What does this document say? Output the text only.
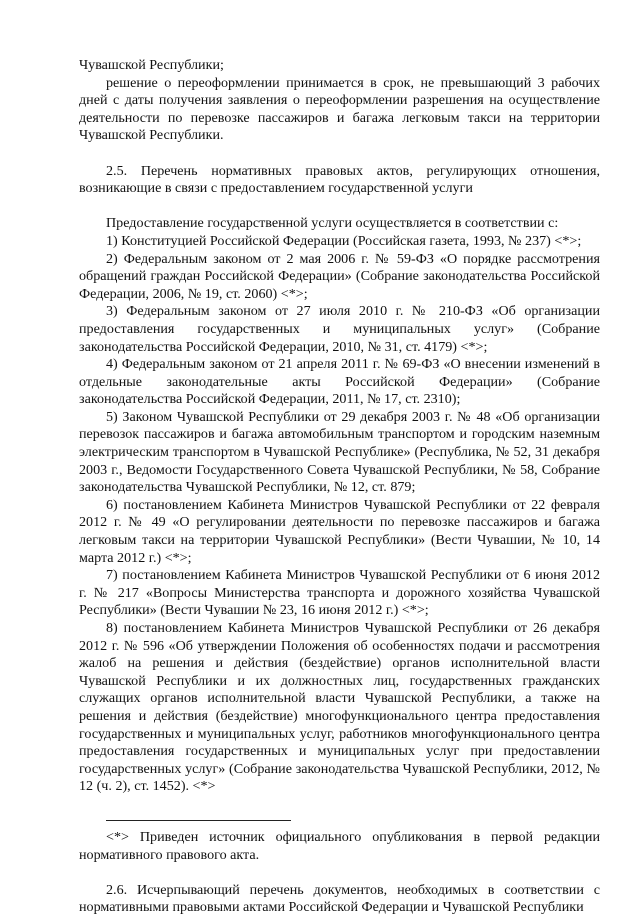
Чувашской Республики;

решение о переоформлении принимается в срок, не превышающий 3 рабочих дней с даты получения заявления о переоформлении разрешения на осуществление деятельности по перевозке пассажиров и багажа легковым такси на территории Чувашской Республики.

2.5. Перечень нормативных правовых актов, регулирующих отношения, возникающие в связи с предоставлением государственной услуги

Предоставление государственной услуги осуществляется в соответствии с:

1) Конституцией Российской Федерации (Российская газета, 1993, № 237) <*>;

2) Федеральным законом от 2 мая 2006 г. № 59-ФЗ «О порядке рассмотрения обращений граждан Российской Федерации» (Собрание законодательства Российской Федерации, 2006, № 19, ст. 2060) <*>;

3) Федеральным законом от 27 июля 2010 г. № 210-ФЗ «Об организации предоставления государственных и муниципальных услуг» (Собрание законодательства Российской Федерации, 2010, № 31, ст. 4179) <*>;

4) Федеральным законом от 21 апреля 2011 г. № 69-ФЗ «О внесении изменений в отдельные законодательные акты Российской Федерации» (Собрание законодательства Российской Федерации, 2011, № 17, ст. 2310);

5) Законом Чувашской Республики от 29 декабря 2003 г. № 48 «Об организации перевозок пассажиров и багажа автомобильным транспортом и городским наземным электрическим транспортом в Чувашской Республике» (Республика, № 52, 31 декабря 2003 г., Ведомости Государственного Совета Чувашской Республики, № 58, Собрание законодательства Чувашской Республики, № 12, ст. 879;

6) постановлением Кабинета Министров Чувашской Республики от 22 февраля 2012 г. № 49 «О регулировании деятельности по перевозке пассажиров и багажа легковым такси на территории Чувашской Республики» (Вести Чувашии, № 10, 14 марта 2012 г.) <*>;

7) постановлением Кабинета Министров Чувашской Республики от 6 июня 2012 г. № 217 «Вопросы Министерства транспорта и дорожного хозяйства Чувашской Республики» (Вести Чувашии № 23, 16 июня 2012 г.) <*>;

8) постановлением Кабинета Министров Чувашской Республики от 26 декабря 2012 г. № 596 «Об утверждении Положения об особенностях подачи и рассмотрения жалоб на решения и действия (бездействие) органов исполнительной власти Чувашской Республики и их должностных лиц, государственных гражданских служащих органов исполнительной власти Чувашской Республики, а также на решения и действия (бездействие) многофункционального центра предоставления государственных и муниципальных услуг, работников многофункционального центра предоставления государственных и муниципальных услуг при предоставлении государственных услуг» (Собрание законодательства Чувашской Республики, 2012, № 12 (ч. 2), ст. 1452). <*>

<*> Приведен источник официального опубликования в первой редакции нормативного правового акта.

2.6. Исчерпывающий перечень документов, необходимых в соответствии с нормативными правовыми актами Российской Федерации и Чувашской Республики
